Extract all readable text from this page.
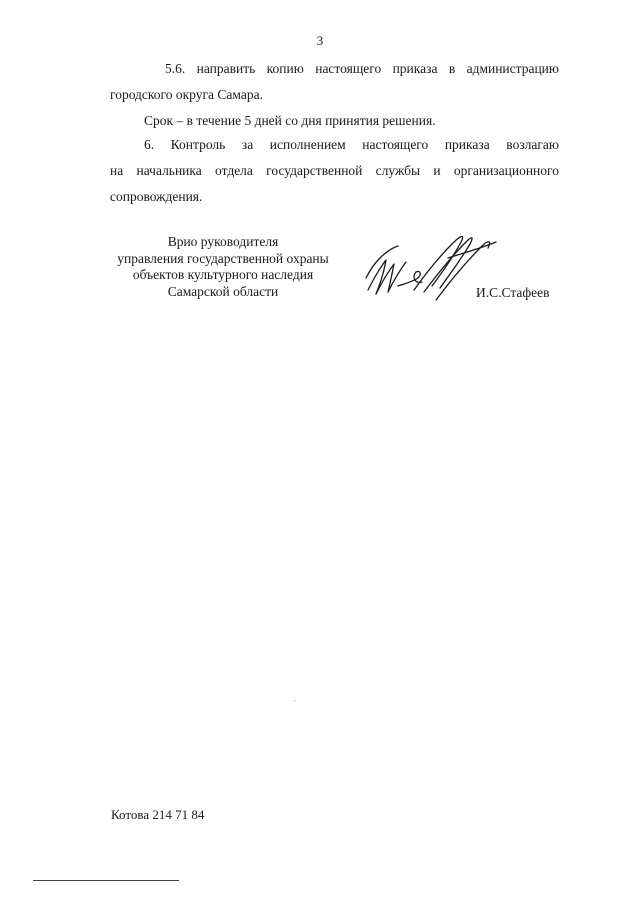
3
5.6. направить копию настоящего приказа в администрацию
городского округа Самара.
Срок – в течение 5 дней со дня принятия решения.
6. Контроль за исполнением настоящего приказа возлагаю
на начальника отдела государственной службы и организационного
сопровождения.
Врио руководителя
управления государственной охраны
объектов культурного наследия
Самарской области	И.С.Стафеев
Котова 214 71 84
